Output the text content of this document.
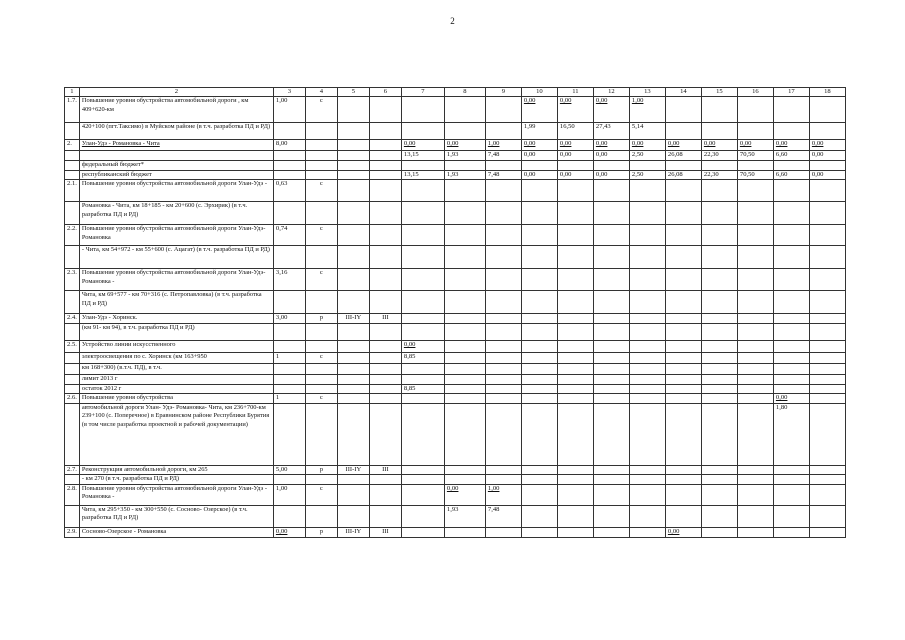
2
1	2	3	4	5	6	7	8	9	10	11	12	13	14	15	16	17	18
1.7.	Повышение уровня обустройства автомобильной дороги , км 409+620-км	1,00	с						0,00	0,00	0,00	1,00					
	420+100 (пгт.Таксимо) в Муйском районе (в т.ч. разработка ПД и РД)								1,99	16,50	27,43	5,14					
2.	Улан-Удэ - Романовка - Чита	8,00				0,00	0,00	1,00	0,00	0,00	0,00	0,00	0,00	0,00	0,00	0,00	0,00
						13,15	1,93	7,48	0,00	0,00	0,00	2,50	26,08	22,30	70,50	6,60	0,00
	федеральный бюджет*																
	республиканский бюджет					13,15	1,93	7,48	0,00	0,00	0,00	2,50	26,08	22,30	70,50	6,60	0,00
2.1.	Повышение уровня обустройства автомобильной дороги Улан-Удэ -	0,63	с														
	Романовка - Чита, км 18+185 - км 20+600 (с. Эрхирик) (в т.ч. разработка ПД и РД)																
2.2.	Повышение уровня обустройства автомобильной дороги Улан-Удэ- Романовка	0,74	с														
	- Чита, км 54+972 - км 55+600 (с. Ацагат) (в т.ч. разработка ПД и РД)																
2.3.	Повышение уровня обустройства автомобильной дороги Улан-Удэ- Романовка -	3,16	с														
	Чита, км 69+577 - км 70+316 (с. Петропавловка) (в т.ч. разработка ПД и РД)																
2.4.	Улан-Удэ - Хоринск.	3,00	р	III-IY	III												
	(км 91- км 94), в т.ч. разработка ПД и РД)																
2.5.	Устройство линии искусственного					0,00											
	электроосвещения по с. Хоринск (км 163+950	1	с			8,85											
	км 168+300) (в.т.ч. ПД), в т.ч.																
	лимит 2013 г																
	остаток 2012 г					8,85											
2.6.	Повышение уровня обустройства	1	с													0,00	
	автомобильной дороги Улан- Удэ- Романовка- Чита, км 236+700-км 239+100 (с. Поперечное) в Еравнинском районе Республики Бурятия (в том числе разработка проектной и рабочей документации)															1,80	
2.7.	Реконструкция автомобильной дороги, км 265	5,00	р	III-IY	III												
	- км 270 (в т.ч. разработка ПД и РД)																
2.8.	Повышение уровня обустройства автомобильной дороги Улан-Удэ - Романовка -	1,00	с				0,00	1,00									
	Чита, км 295+350 - км 300+550 (с. Сосново- Озерское) (в т.ч. разработка ПД и РД)						1,93	7,48									
2.9.	Сосново-Озерское - Романовка	0,00	р	III-IY	III								0,00				
